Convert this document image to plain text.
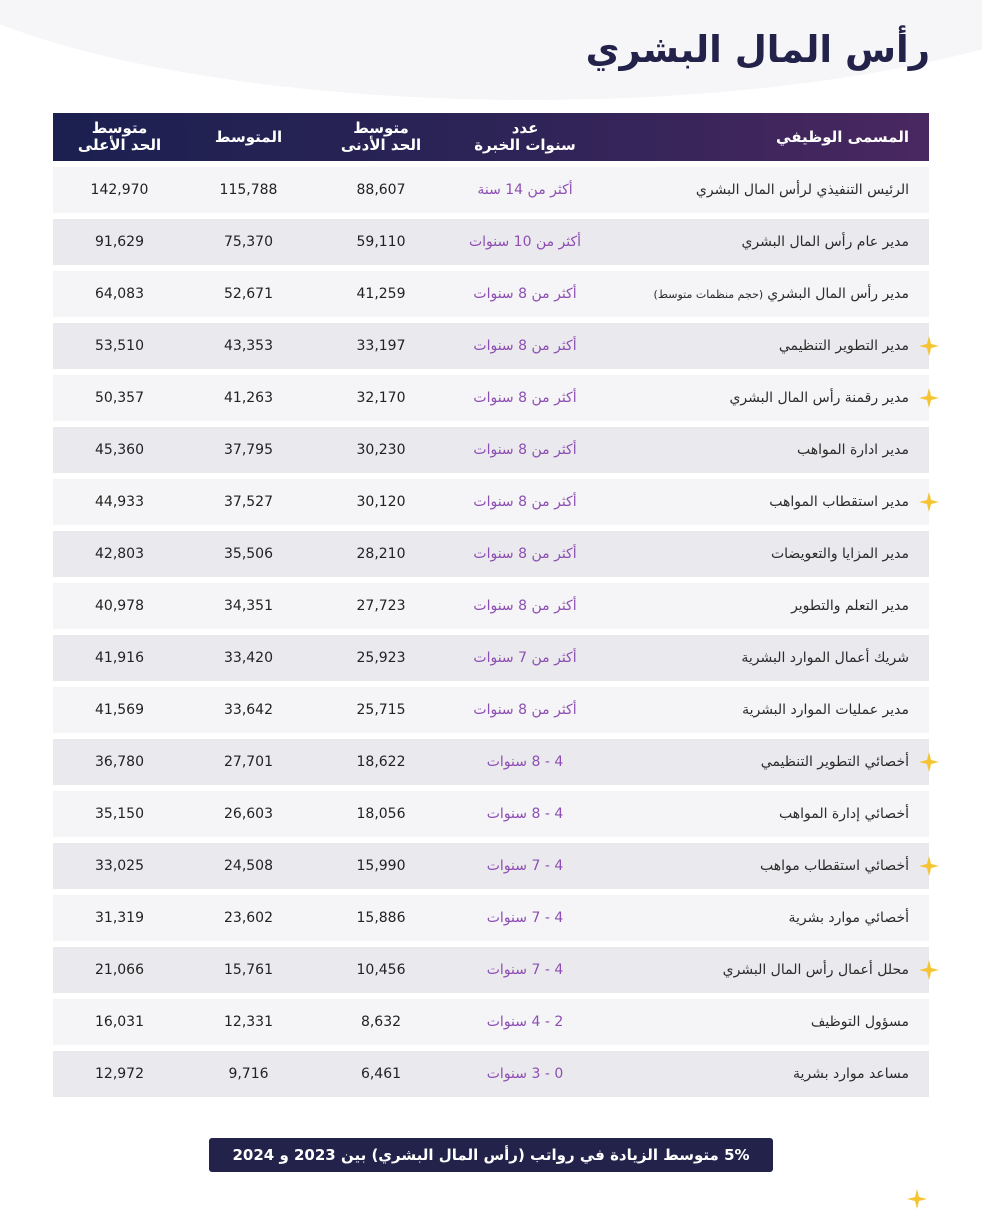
رأس المال البشري
المسمى الوظيفي
عدد
سنوات الخبرة
متوسط
الحد الأدنى
المتوسط
متوسط
الحد الأعلى
الرئيس التنفيذي لرأس المال البشري
أكثر من 14 سنة
88,607
115,788
142,970
مدير عام رأس المال البشري
أكثر من 10 سنوات
59,110
75,370
91,629
مدير رأس المال البشري
(حجم منظمات متوسط)
أكثر من 8 سنوات
41,259
52,671
64,083
مدير التطوير التنظيمي
أكثر من 8 سنوات
33,197
43,353
53,510
مدير رقمنة رأس المال البشري
أكثر من 8 سنوات
32,170
41,263
50,357
مدير ادارة المواهب
أكثر من 8 سنوات
30,230
37,795
45,360
مدير استقطاب المواهب
أكثر من 8 سنوات
30,120
37,527
44,933
مدير المزايا والتعويضات
أكثر من 8 سنوات
28,210
35,506
42,803
مدير التعلم والتطوير
أكثر من 8 سنوات
27,723
34,351
40,978
شريك أعمال الموارد البشرية
أكثر من 7 سنوات
25,923
33,420
41,916
مدير عمليات الموارد البشرية
أكثر من 8 سنوات
25,715
33,642
41,569
أخصائي التطوير التنظيمي
4 - 8 سنوات
18,622
27,701
36,780
أخصائي إدارة المواهب
4 - 8 سنوات
18,056
26,603
35,150
أخصائي استقطاب مواهب
4 - 7 سنوات
15,990
24,508
33,025
أخصائي موارد بشرية
4 - 7 سنوات
15,886
23,602
31,319
محلل أعمال رأس المال البشري
4 - 7 سنوات
10,456
15,761
21,066
مسؤول التوظيف
2 - 4 سنوات
8,632
12,331
16,031
مساعد موارد بشرية
0 - 3 سنوات
6,461
9,716
12,972
5% متوسط الزيادة في رواتب (رأس المال البشري) بين 2023 و 2024
